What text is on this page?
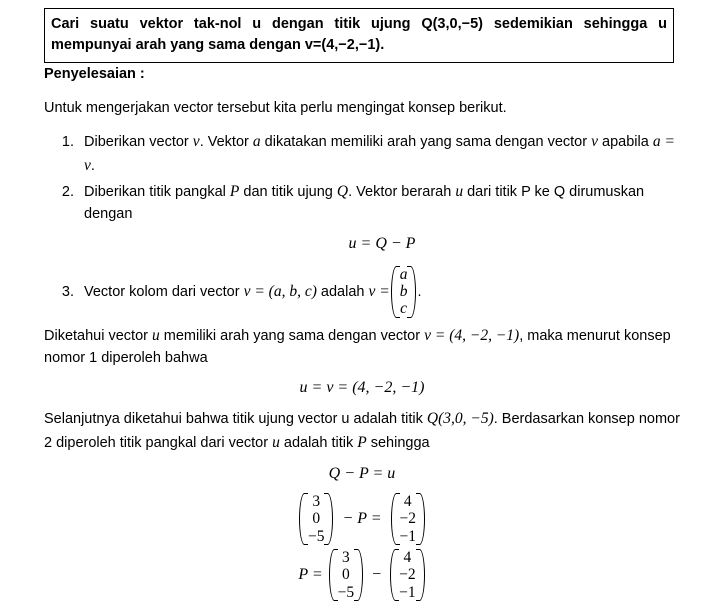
Cari suatu vektor tak-nol u dengan titik ujung Q(3,0,−5) sedemikian sehingga u mempunyai arah yang sama dengan v=(4,−2,−1).
Penyelesaian :
Untuk mengerjakan vector tersebut kita perlu mengingat konsep berikut.
1. Diberikan vector v. Vektor a dikatakan memiliki arah yang sama dengan vector v apabila a = v.
2. Diberikan titik pangkal P dan titik ujung Q. Vektor berarah u dari titik P ke Q dirumuskan dengan
u = Q − P
3. Vector kolom dari vector v = (a, b, c) adalah v =
a
b
c
.
Diketahui vector u memiliki arah yang sama dengan vector v = (4, −2, −1), maka menurut konsep nomor 1 diperoleh bahwa
u = v = (4, −2, −1)
Selanjutnya diketahui bahwa titik ujung vector u adalah titik Q(3,0, −5). Berdasarkan konsep nomor 2 diperoleh titik pangkal dari vector u adalah titik P sehingga
Q − P = u
3
0
−5
− P =
4
−2
−1
P =
3
0
−5
−
4
−2
−1
